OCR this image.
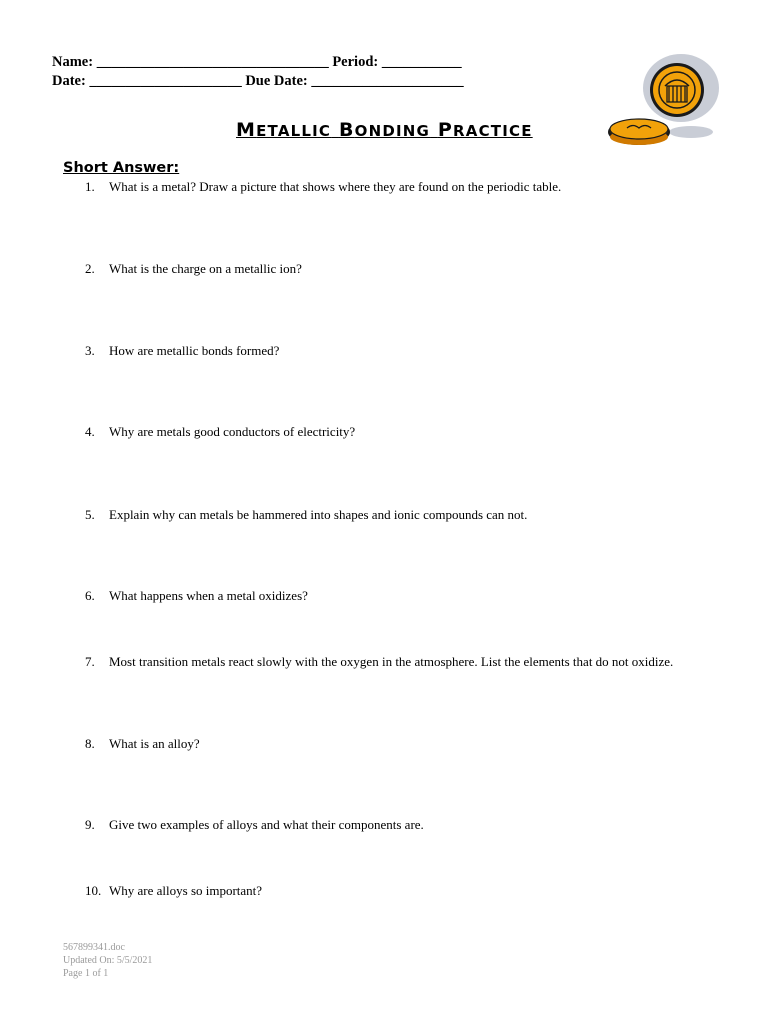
Name: ________________________________ Period: ___________
Date: _____________________ Due Date: _____________________
METALLIC BONDING PRACTICE
Short Answer:
1. What is a metal? Draw a picture that shows where they are found on the periodic table.
2. What is the charge on a metallic ion?
3. How are metallic bonds formed?
4. Why are metals good conductors of electricity?
5. Explain why can metals be hammered into shapes and ionic compounds can not.
6. What happens when a metal oxidizes?
7. Most transition metals react slowly with the oxygen in the atmosphere. List the elements that do not oxidize.
8. What is an alloy?
9. Give two examples of alloys and what their components are.
10. Why are alloys so important?
567899341.doc
Updated On: 5/5/2021
Page 1 of 1
